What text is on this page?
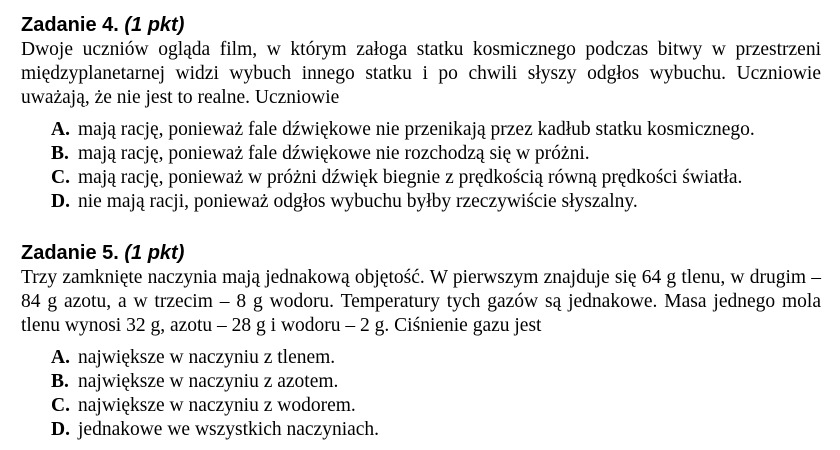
Zadanie 4. (1 pkt)

Dwoje uczniów ogląda film, w którym załoga statku kosmicznego podczas bitwy w przestrzeni międzyplanetarnej widzi wybuch innego statku i po chwili słyszy odgłos wybuchu. Uczniowie uważają, że nie jest to realne. Uczniowie

A. mają rację, ponieważ fale dźwiękowe nie przenikają przez kadłub statku kosmicznego.
B. mają rację, ponieważ fale dźwiękowe nie rozchodzą się w próżni.
C. mają rację, ponieważ w próżni dźwięk biegnie z prędkością równą prędkości światła.
D. nie mają racji, ponieważ odgłos wybuchu byłby rzeczywiście słyszalny.

Zadanie 5. (1 pkt)

Trzy zamknięte naczynia mają jednakową objętość. W pierwszym znajduje się 64 g tlenu, w drugim – 84 g azotu, a w trzecim – 8 g wodoru. Temperatury tych gazów są jednakowe. Masa jednego mola tlenu wynosi 32 g, azotu – 28 g i wodoru – 2 g. Ciśnienie gazu jest

A. największe w naczyniu z tlenem.
B. największe w naczyniu z azotem.
C. największe w naczyniu z wodorem.
D. jednakowe we wszystkich naczyniach.
